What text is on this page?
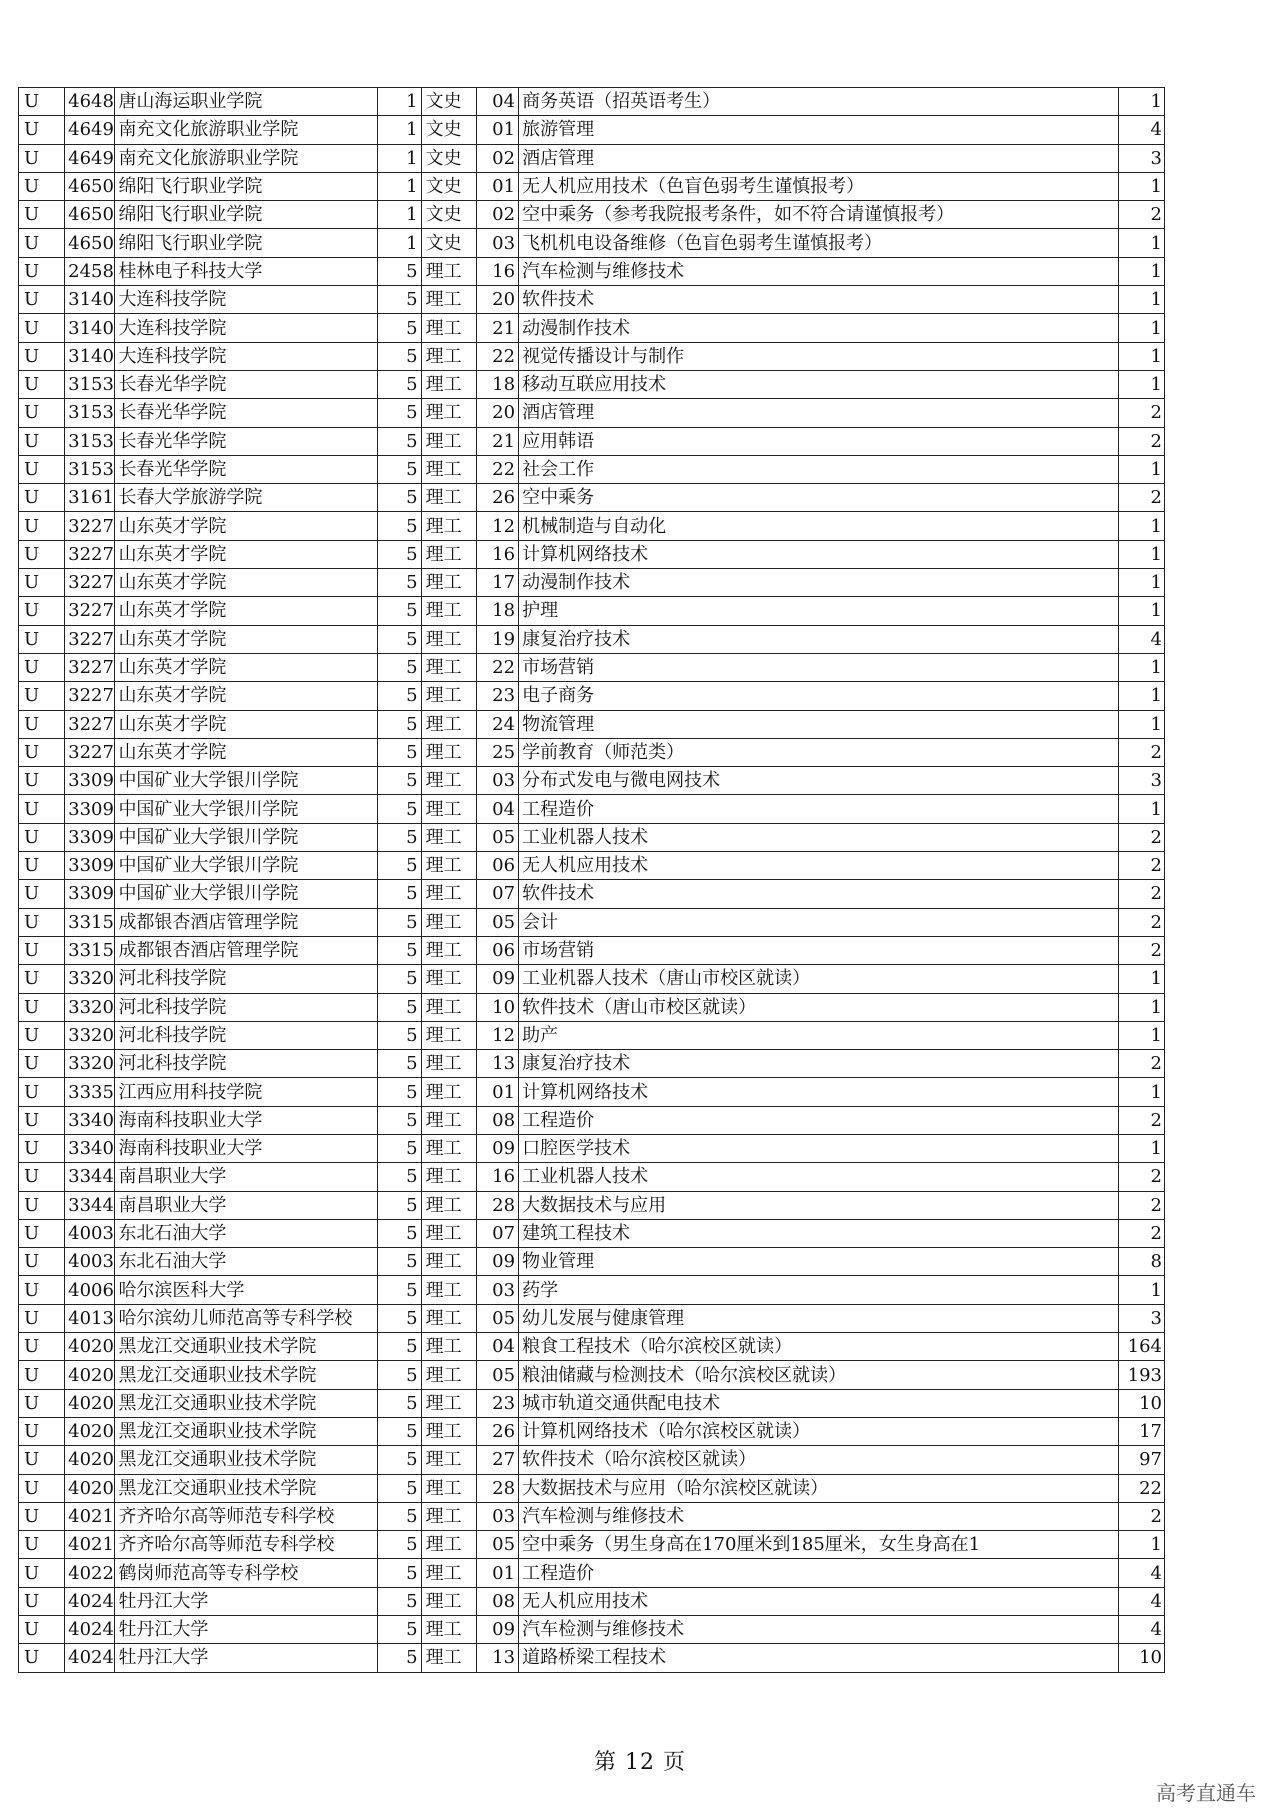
U	4648	唐山海运职业学院	1	文史	04	商务英语（招英语考生）	1
U	4649	南充文化旅游职业学院	1	文史	01	旅游管理	4
U	4649	南充文化旅游职业学院	1	文史	02	酒店管理	3
U	4650	绵阳飞行职业学院	1	文史	01	无人机应用技术（色盲色弱考生谨慎报考）	1
U	4650	绵阳飞行职业学院	1	文史	02	空中乘务（参考我院报考条件，如不符合请谨慎报考）	2
U	4650	绵阳飞行职业学院	1	文史	03	飞机机电设备维修（色盲色弱考生谨慎报考）	1
U	2458	桂林电子科技大学	5	理工	16	汽车检测与维修技术	1
U	3140	大连科技学院	5	理工	20	软件技术	1
U	3140	大连科技学院	5	理工	21	动漫制作技术	1
U	3140	大连科技学院	5	理工	22	视觉传播设计与制作	1
U	3153	长春光华学院	5	理工	18	移动互联应用技术	1
U	3153	长春光华学院	5	理工	20	酒店管理	2
U	3153	长春光华学院	5	理工	21	应用韩语	2
U	3153	长春光华学院	5	理工	22	社会工作	1
U	3161	长春大学旅游学院	5	理工	26	空中乘务	2
U	3227	山东英才学院	5	理工	12	机械制造与自动化	1
U	3227	山东英才学院	5	理工	16	计算机网络技术	1
U	3227	山东英才学院	5	理工	17	动漫制作技术	1
U	3227	山东英才学院	5	理工	18	护理	1
U	3227	山东英才学院	5	理工	19	康复治疗技术	4
U	3227	山东英才学院	5	理工	22	市场营销	1
U	3227	山东英才学院	5	理工	23	电子商务	1
U	3227	山东英才学院	5	理工	24	物流管理	1
U	3227	山东英才学院	5	理工	25	学前教育（师范类）	2
U	3309	中国矿业大学银川学院	5	理工	03	分布式发电与微电网技术	3
U	3309	中国矿业大学银川学院	5	理工	04	工程造价	1
U	3309	中国矿业大学银川学院	5	理工	05	工业机器人技术	2
U	3309	中国矿业大学银川学院	5	理工	06	无人机应用技术	2
U	3309	中国矿业大学银川学院	5	理工	07	软件技术	2
U	3315	成都银杏酒店管理学院	5	理工	05	会计	2
U	3315	成都银杏酒店管理学院	5	理工	06	市场营销	2
U	3320	河北科技学院	5	理工	09	工业机器人技术（唐山市校区就读）	1
U	3320	河北科技学院	5	理工	10	软件技术（唐山市校区就读）	1
U	3320	河北科技学院	5	理工	12	助产	1
U	3320	河北科技学院	5	理工	13	康复治疗技术	2
U	3335	江西应用科技学院	5	理工	01	计算机网络技术	1
U	3340	海南科技职业大学	5	理工	08	工程造价	2
U	3340	海南科技职业大学	5	理工	09	口腔医学技术	1
U	3344	南昌职业大学	5	理工	16	工业机器人技术	2
U	3344	南昌职业大学	5	理工	28	大数据技术与应用	2
U	4003	东北石油大学	5	理工	07	建筑工程技术	2
U	4003	东北石油大学	5	理工	09	物业管理	8
U	4006	哈尔滨医科大学	5	理工	03	药学	1
U	4013	哈尔滨幼儿师范高等专科学校	5	理工	05	幼儿发展与健康管理	3
U	4020	黑龙江交通职业技术学院	5	理工	04	粮食工程技术（哈尔滨校区就读）	164
U	4020	黑龙江交通职业技术学院	5	理工	05	粮油储藏与检测技术（哈尔滨校区就读）	193
U	4020	黑龙江交通职业技术学院	5	理工	23	城市轨道交通供配电技术	10
U	4020	黑龙江交通职业技术学院	5	理工	26	计算机网络技术（哈尔滨校区就读）	17
U	4020	黑龙江交通职业技术学院	5	理工	27	软件技术（哈尔滨校区就读）	97
U	4020	黑龙江交通职业技术学院	5	理工	28	大数据技术与应用（哈尔滨校区就读）	22
U	4021	齐齐哈尔高等师范专科学校	5	理工	03	汽车检测与维修技术	2
U	4021	齐齐哈尔高等师范专科学校	5	理工	05	空中乘务（男生身高在170厘米到185厘米，女生身高在1	1
U	4022	鹤岗师范高等专科学校	5	理工	01	工程造价	4
U	4024	牡丹江大学	5	理工	08	无人机应用技术	4
U	4024	牡丹江大学	5	理工	09	汽车检测与维修技术	4
U	4024	牡丹江大学	5	理工	13	道路桥梁工程技术	10
第 12 页
高考直通车
